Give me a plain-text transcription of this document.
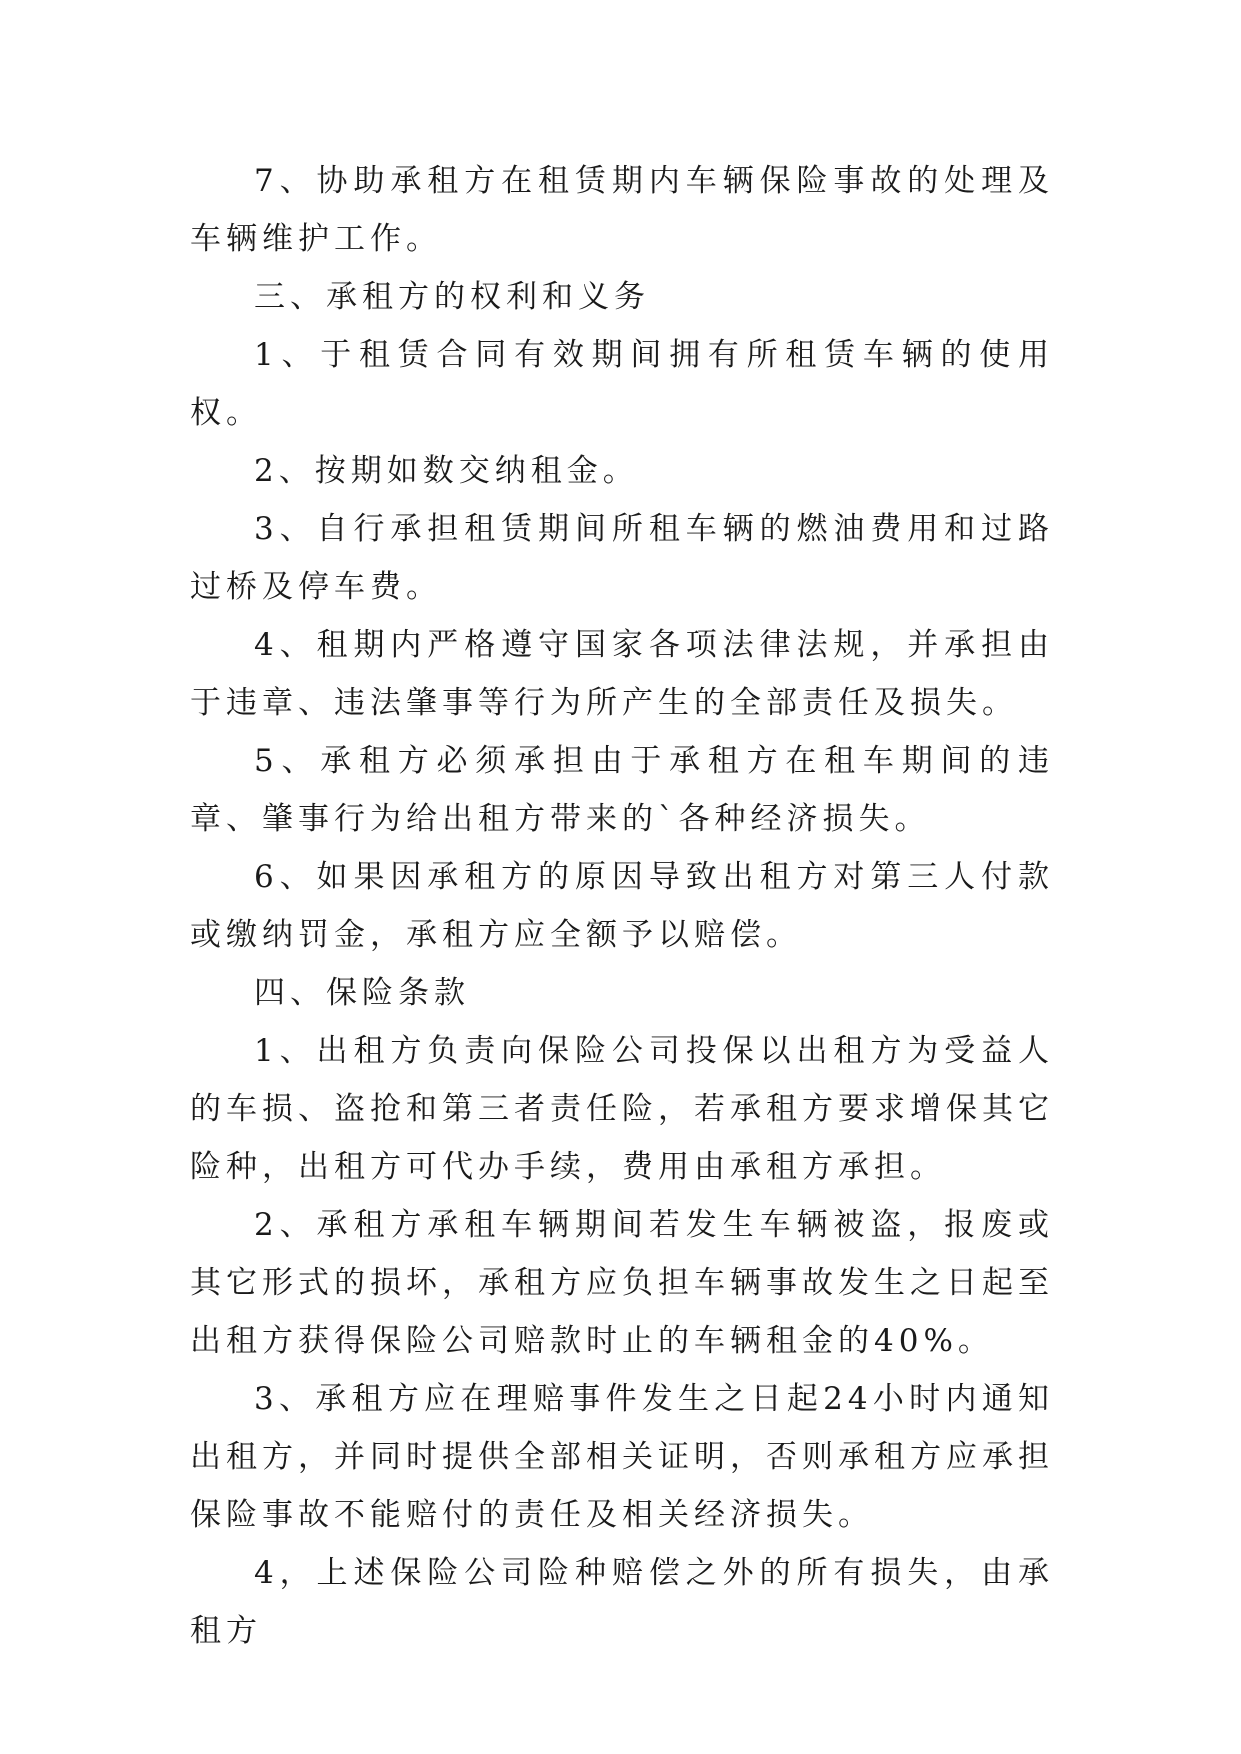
7、协助承租方在租赁期内车辆保险事故的处理及车辆维护工作。

三、承租方的权利和义务

1、于租赁合同有效期间拥有所租赁车辆的使用权。

2、按期如数交纳租金。

3、自行承担租赁期间所租车辆的燃油费用和过路过桥及停车费。

4、租期内严格遵守国家各项法律法规，并承担由于违章、违法肇事等行为所产生的全部责任及损失。

5、承租方必须承担由于承租方在租车期间的违章、肇事行为给出租方带来的`各种经济损失。

6、如果因承租方的原因导致出租方对第三人付款或缴纳罚金，承租方应全额予以赔偿。

四、保险条款

1、出租方负责向保险公司投保以出租方为受益人的车损、盗抢和第三者责任险，若承租方要求增保其它险种，出租方可代办手续，费用由承租方承担。

2、承租方承租车辆期间若发生车辆被盗，报废或其它形式的损坏，承租方应负担车辆事故发生之日起至出租方获得保险公司赔款时止的车辆租金的40%。

3、承租方应在理赔事件发生之日起24小时内通知出租方，并同时提供全部相关证明，否则承租方应承担保险事故不能赔付的责任及相关经济损失。

4，上述保险公司险种赔偿之外的所有损失，由承租方
